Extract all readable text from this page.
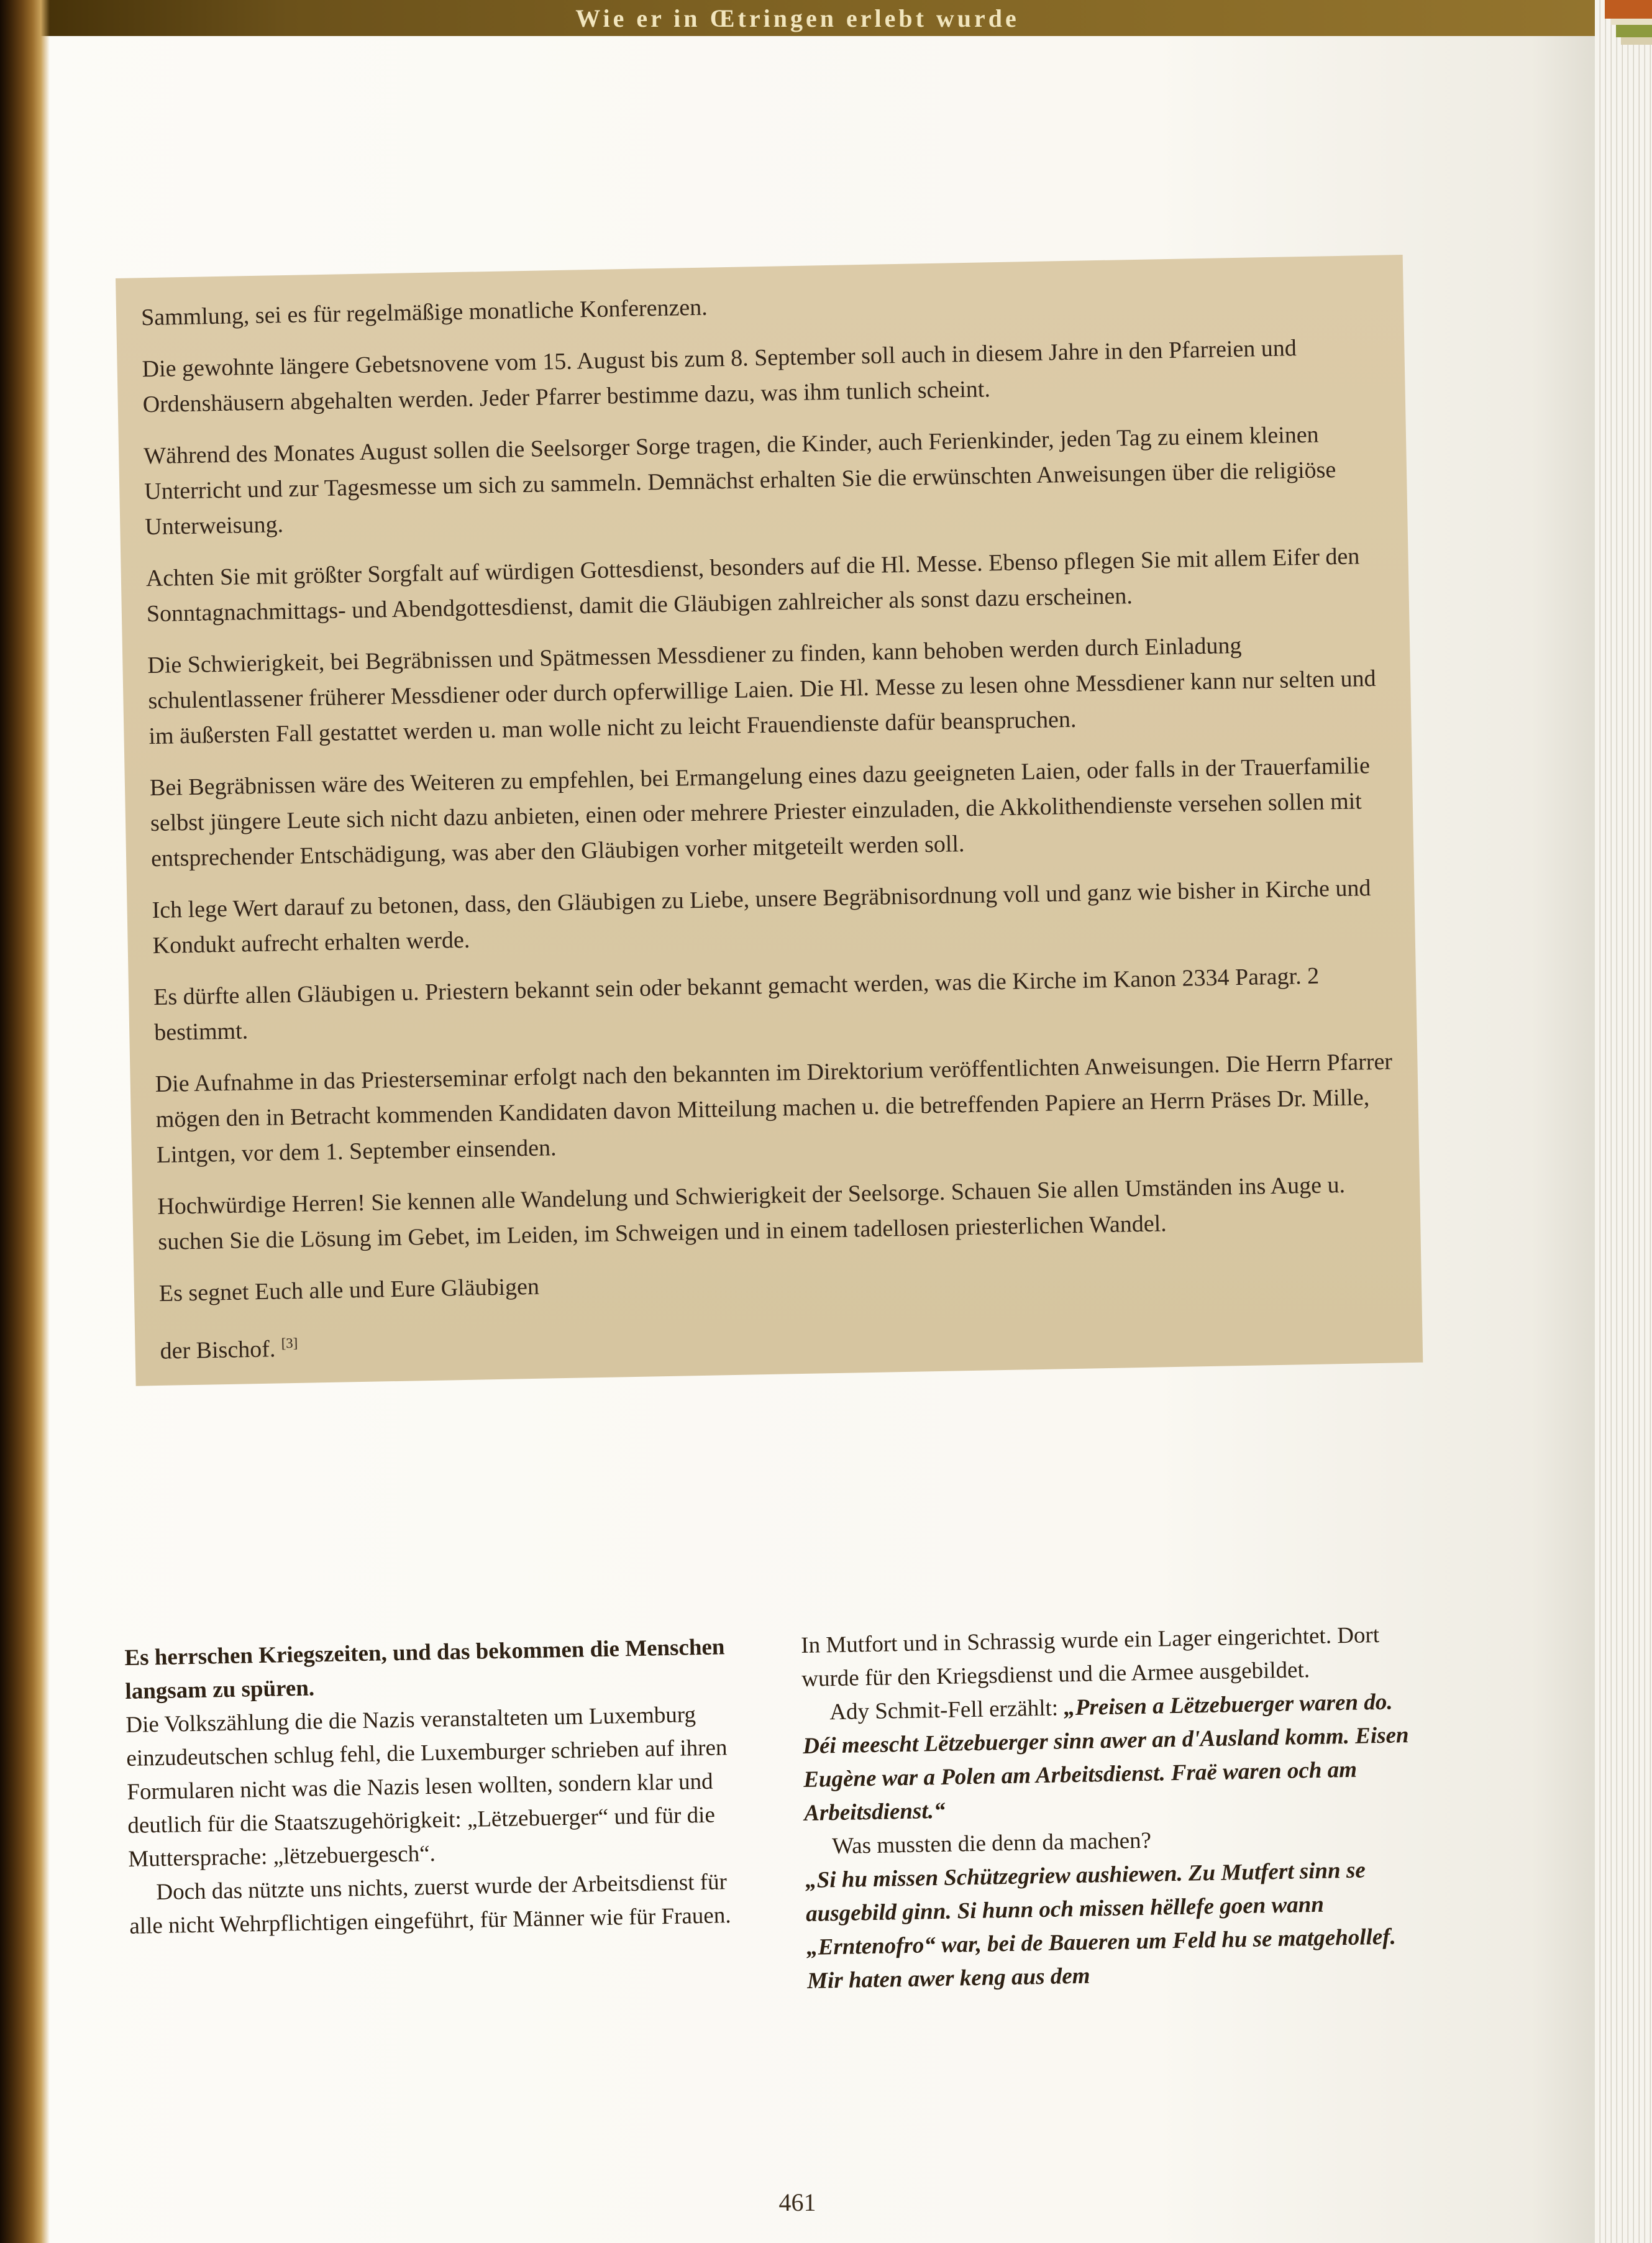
Wie er in Œtringen erlebt wurde

Sammlung, sei es für regelmäßige monatliche Konferenzen.

Die gewohnte längere Gebetsnovene vom 15. August bis zum 8. September soll auch in diesem Jahre in den Pfarreien und Ordenshäusern abgehalten werden. Jeder Pfarrer bestimme dazu, was ihm tunlich scheint.

Während des Monates August sollen die Seelsorger Sorge tragen, die Kinder, auch Ferienkinder, jeden Tag zu einem kleinen Unterricht und zur Tagesmesse um sich zu sammeln. Demnächst erhalten Sie die erwünschten Anweisungen über die religiöse Unterweisung.

Achten Sie mit größter Sorgfalt auf würdigen Gottesdienst, besonders auf die Hl. Messe. Ebenso pflegen Sie mit allem Eifer den Sonntagnachmittags- und Abendgottesdienst, damit die Gläubigen zahlreicher als sonst dazu erscheinen.

Die Schwierigkeit, bei Begräbnissen und Spätmessen Messdiener zu finden, kann behoben werden durch Einladung schulentlassener früherer Messdiener oder durch opferwillige Laien. Die Hl. Messe zu lesen ohne Messdiener kann nur selten und im äußersten Fall gestattet werden u. man wolle nicht zu leicht Frauendienste dafür beanspruchen.

Bei Begräbnissen wäre des Weiteren zu empfehlen, bei Ermangelung eines dazu geeigneten Laien, oder falls in der Trauerfamilie selbst jüngere Leute sich nicht dazu anbieten, einen oder mehrere Priester einzuladen, die Akkolithendienste versehen sollen mit entsprechender Entschädigung, was aber den Gläubigen vorher mitgeteilt werden soll.

Ich lege Wert darauf zu betonen, dass, den Gläubigen zu Liebe, unsere Begräbnisordnung voll und ganz wie bisher in Kirche und Kondukt aufrecht erhalten werde.

Es dürfte allen Gläubigen u. Priestern bekannt sein oder bekannt gemacht werden, was die Kirche im Kanon 2334 Paragr. 2 bestimmt.

Die Aufnahme in das Priesterseminar erfolgt nach den bekannten im Direktorium veröffentlichten Anweisungen. Die Herrn Pfarrer mögen den in Betracht kommenden Kandidaten davon Mitteilung machen u. die betreffenden Papiere an Herrn Präses Dr. Mille, Lintgen, vor dem 1. September einsenden.

Hochwürdige Herren! Sie kennen alle Wandelung und Schwierigkeit der Seelsorge. Schauen Sie allen Umständen ins Auge u. suchen Sie die Lösung im Gebet, im Leiden, im Schweigen und in einem tadellosen priesterlichen Wandel.

Es segnet Euch alle und Eure Gläubigen

der Bischof. [3]

Es herrschen Kriegszeiten, und das bekommen die Menschen langsam zu spüren.

Die Volkszählung die die Nazis veranstalteten um Luxemburg einzudeutschen schlug fehl, die Luxemburger schrieben auf ihren Formularen nicht was die Nazis lesen wollten, sondern klar und deutlich für die Staatszugehörigkeit: „Lëtzebuerger“ und für die Muttersprache: „lëtzebuergesch“.

Doch das nützte uns nichts, zuerst wurde der Arbeitsdienst für alle nicht Wehrpflichtigen eingeführt, für Männer wie für Frauen.

In Mutfort und in Schrassig wurde ein Lager eingerichtet. Dort wurde für den Kriegsdienst und die Armee ausgebildet.

Ady Schmit-Fell erzählt: „Preisen a Lëtzebuerger waren do. Déi meescht Lëtzebuerger sinn awer an d'Ausland komm. Eisen Eugène war a Polen am Arbeitsdienst. Fraë waren och am Arbeitsdienst.“

Was mussten die denn da machen?

„Si hu missen Schützegriew aushiewen. Zu Mutfert sinn se ausgebild ginn. Si hunn och missen hëllefe goen wann „Erntenofro“ war, bei de Baueren um Feld hu se matgehollef. Mir haten awer keng aus dem

461
